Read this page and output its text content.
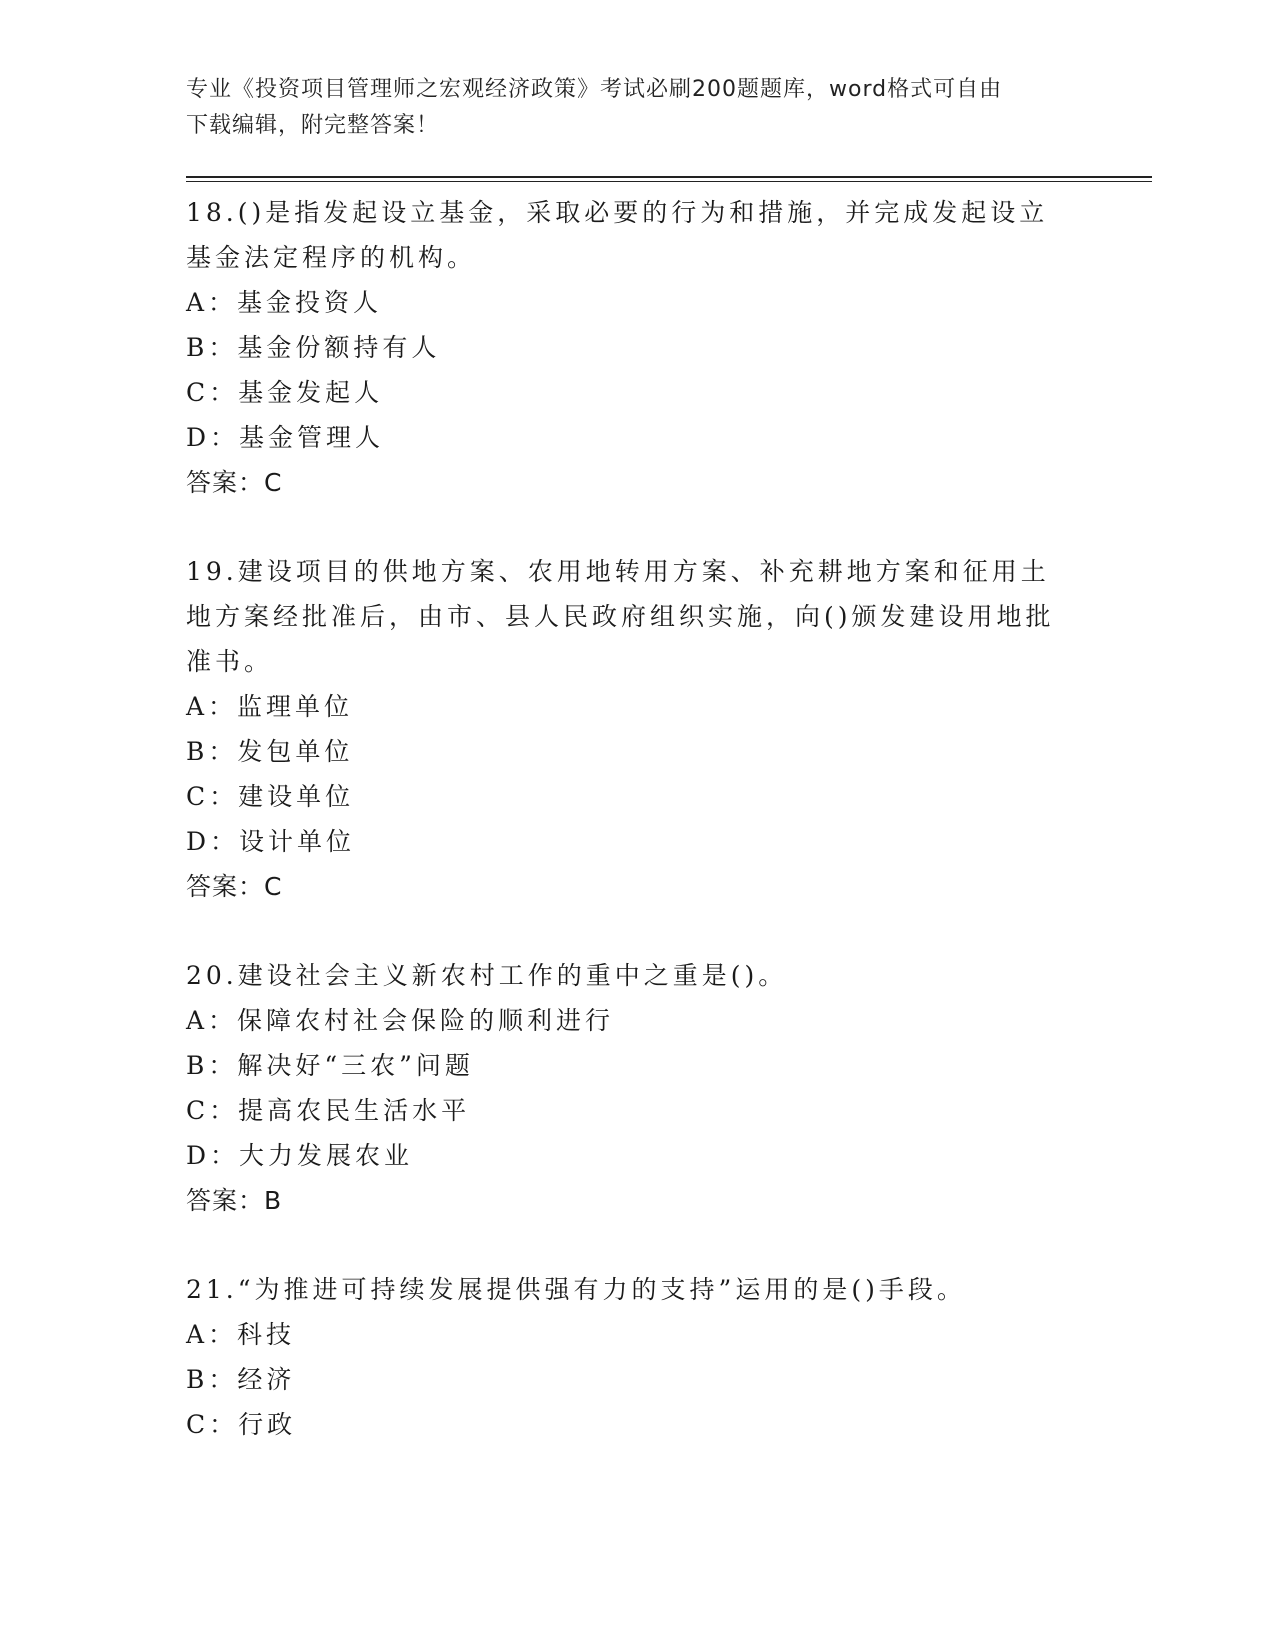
专业《投资项目管理师之宏观经济政策》考试必刷200题题库，word格式可自由
下载编辑，附完整答案！

18.()是指发起设立基金，采取必要的行为和措施，并完成发起设立基金法定程序的机构。

A：基金投资人
B：基金份额持有人
C：基金发起人
D：基金管理人
答案：C

19.建设项目的供地方案、农用地转用方案、补充耕地方案和征用土地方案经批准后，由市、县人民政府组织实施，向()颁发建设用地批准书。

A：监理单位
B：发包单位
C：建设单位
D：设计单位
答案：C

20.建设社会主义新农村工作的重中之重是()。

A：保障农村社会保险的顺利进行
B：解决好“三农”问题
C：提高农民生活水平
D：大力发展农业
答案：B

21.“为推进可持续发展提供强有力的支持”运用的是()手段。

A：科技
B：经济
C：行政
